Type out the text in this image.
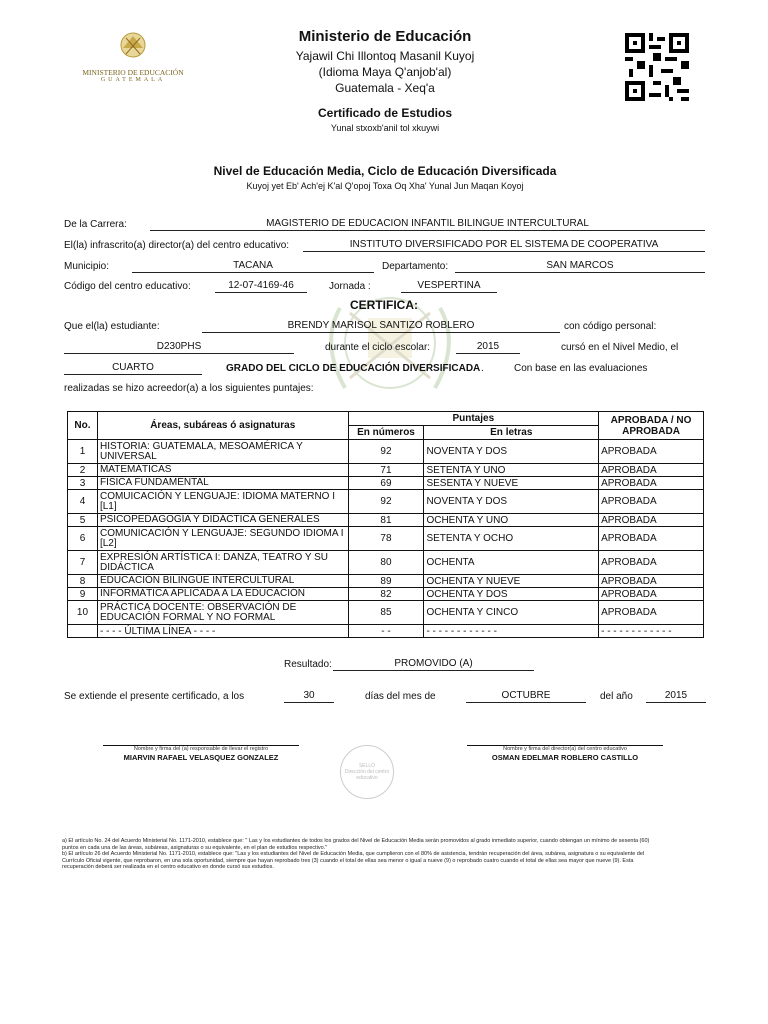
MINISTERIO DE EDUCACIÓN
GUATEMALA
Ministerio de Educación
Yajawil Chi Illontoq Masanil Kuyoj
(Idioma Maya Q'anjob'al)
Guatemala - Xeq'a
Certificado de Estudios
Yunal stxoxb'anil tol xkuywi
Nivel de Educación Media, Ciclo de Educación Diversificada
Kuyoj yet Eb' Ach'ej K'al Q'opoj Toxa Oq Xha' Yunal Jun Maqan Koyoj
De la Carrera:	MAGISTERIO DE EDUCACION INFANTIL BILINGUE INTERCULTURAL
El(la) infrascrito(a) director(a) del centro educativo:	INSTITUTO DIVERSIFICADO POR EL SISTEMA DE COOPERATIVA
Municipio:	TACANA	Departamento:	SAN MARCOS
Código del centro educativo:	12-07-4169-46	Jornada :	VESPERTINA
CERTIFICA:
Que el(la) estudiante:	BRENDY MARISOL SANTIZO ROBLERO	con código personal:
D230PHS	durante el ciclo escolar:	2015	cursó en el Nivel Medio, el
CUARTO	GRADO DEL CICLO DE EDUCACIÓN DIVERSIFICADA .	Con base en las evaluaciones
realizadas se hizo acreedor(a) a los siguientes puntajes:
No.	Áreas, subáreas ó asignaturas	Puntajes		APROBADA / NO APROBADA
		En números	En letras	
1	HISTORIA: GUATEMALA, MESOAMÉRICA Y UNIVERSAL	92	NOVENTA Y DOS	APROBADA
2	MATEMÁTICAS	71	SETENTA Y UNO	APROBADA
3	FÍSICA FUNDAMENTAL	69	SESENTA Y NUEVE	APROBADA
4	COMUICACIÓN Y LENGUAJE: IDIOMA MATERNO I [L1]	92	NOVENTA Y DOS	APROBADA
5	PSICOPEDAGOGÍA Y DIDÁCTICA GENERALES	81	OCHENTA Y UNO	APROBADA
6	COMUNICACIÓN Y LENGUAJE: SEGUNDO IDIOMA I [L2]	78	SETENTA Y OCHO	APROBADA
7	EXPRESIÓN ARTÍSTICA I: DANZA, TEATRO Y SU DIDÁCTICA	80	OCHENTA	APROBADA
8	EDUCACIÓN BILINGÜE INTERCULTURAL	89	OCHENTA Y NUEVE	APROBADA
9	INFORMÁTICA APLICADA A LA EDUCACIÓN	82	OCHENTA Y DOS	APROBADA
10	PRÁCTICA DOCENTE: OBSERVACIÓN DE EDUCACIÓN FORMAL Y NO FORMAL	85	OCHENTA Y CINCO	APROBADA
	- - - - ÚLTIMA LÍNEA - - - -	- -	- - - - - - - - - - - -	- - - - - - - - - - - -
Resultado:	PROMOVIDO (A)
Se extiende el presente certificado, a los	30	días del mes de	OCTUBRE	del año	2015
Nombre y firma del (a) responsable de llevar el registro
MIARVIN RAFAEL VELASQUEZ GONZALEZ
SELLO
Dirección del centro educativo
Nombre y firma del director(a) del centro educativo
OSMAN EDELMAR ROBLERO CASTILLO
a) El artículo No. 24 del Acuerdo Ministerial No. 1171-2010, establece que: " Las y los estudiantes de todos los grados del Nivel de Educación Media serán promovidos al grado inmediato superior, cuando obtengan un mínimo de sesenta (60) puntos en cada una de las áreas, subáreas, asignaturas o su equivalente, en el plan de estudios respectivo."
b) El artículo 26 del Acuerdo Ministerial No. 1171-2010, establece que: "Las y los estudiantes del Nivel de Educación Media, que cumplieron con el 80% de asistencia, tendrán recuperación del área, subárea, asignatura o su equivalente del Currículo Oficial vigente, que reprobaron, en una sola oportunidad, siempre que hayan reprobado tres (3) cuando el total de ellas sea menor o igual a nueve (9) o reprobado cuatro cuando el total de ellas sea mayor que nueve (9). Esta recuperación deberá ser realizada en el centro educativo en donde cursó sus estudios.
